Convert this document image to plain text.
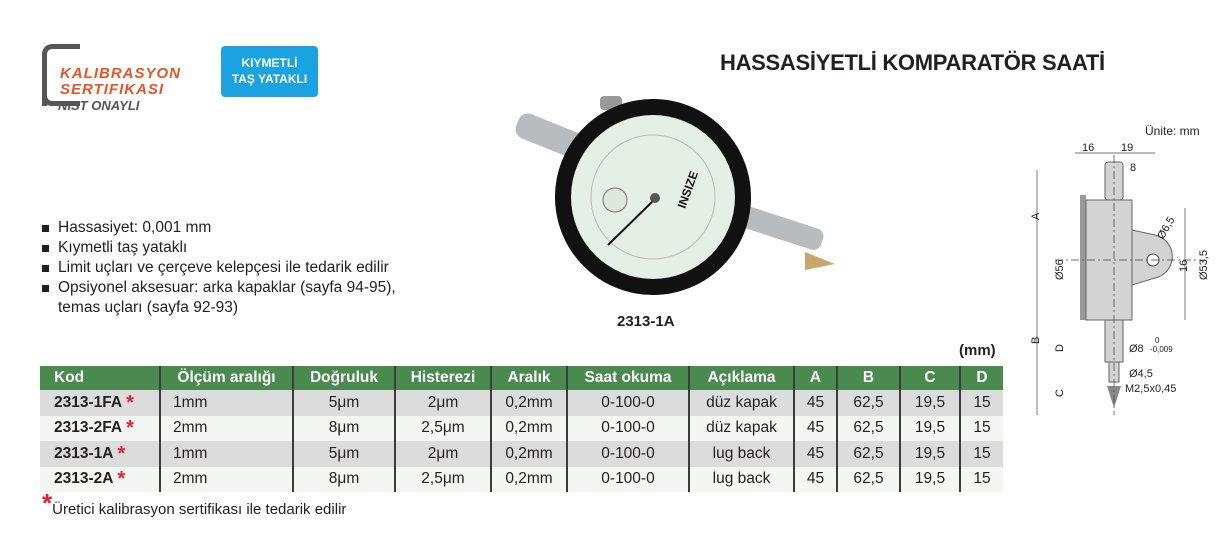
KALIBRASYON
SERTIFIKASI
NIST ONAYLI
KIYMETLİ
TAŞ YATAKLI
HASSASİYETLİ KOMPARATÖR SAATİ
Hassasiyet: 0,001 mm
Kıymetli taş yataklı
Limit uçları ve çerçeve kelepçesi ile tedarik edilir
Opsiyonel aksesuar: arka kapaklar (sayfa 94-95),
temas uçları (sayfa 92-93)
INSIZE
2313-1A
Ünite: mm
16 19
8
Ø6,5
Ø56	16 Ø53,5
Ø8
0
-0,009
Ø4,5
M2,5x0,45
A
B
C
D
(mm)
Kod	Ölçüm aralığı	Doğruluk	Histerezi	Aralık	Saat okuma	Açıklama	A	B	C	D
2313-1FA *	1mm	5μm	2μm	0,2mm	0-100-0	düz kapak	45	62,5	19,5	15
2313-2FA *	2mm	8μm	2,5μm	0,2mm	0-100-0	düz kapak	45	62,5	19,5	15
2313-1A *	1mm	5μm	2μm	0,2mm	0-100-0	lug back	45	62,5	19,5	15
2313-2A *	2mm	8μm	2,5μm	0,2mm	0-100-0	lug back	45	62,5	19,5	15
*Üretici kalibrasyon sertifikası ile tedarik edilir
